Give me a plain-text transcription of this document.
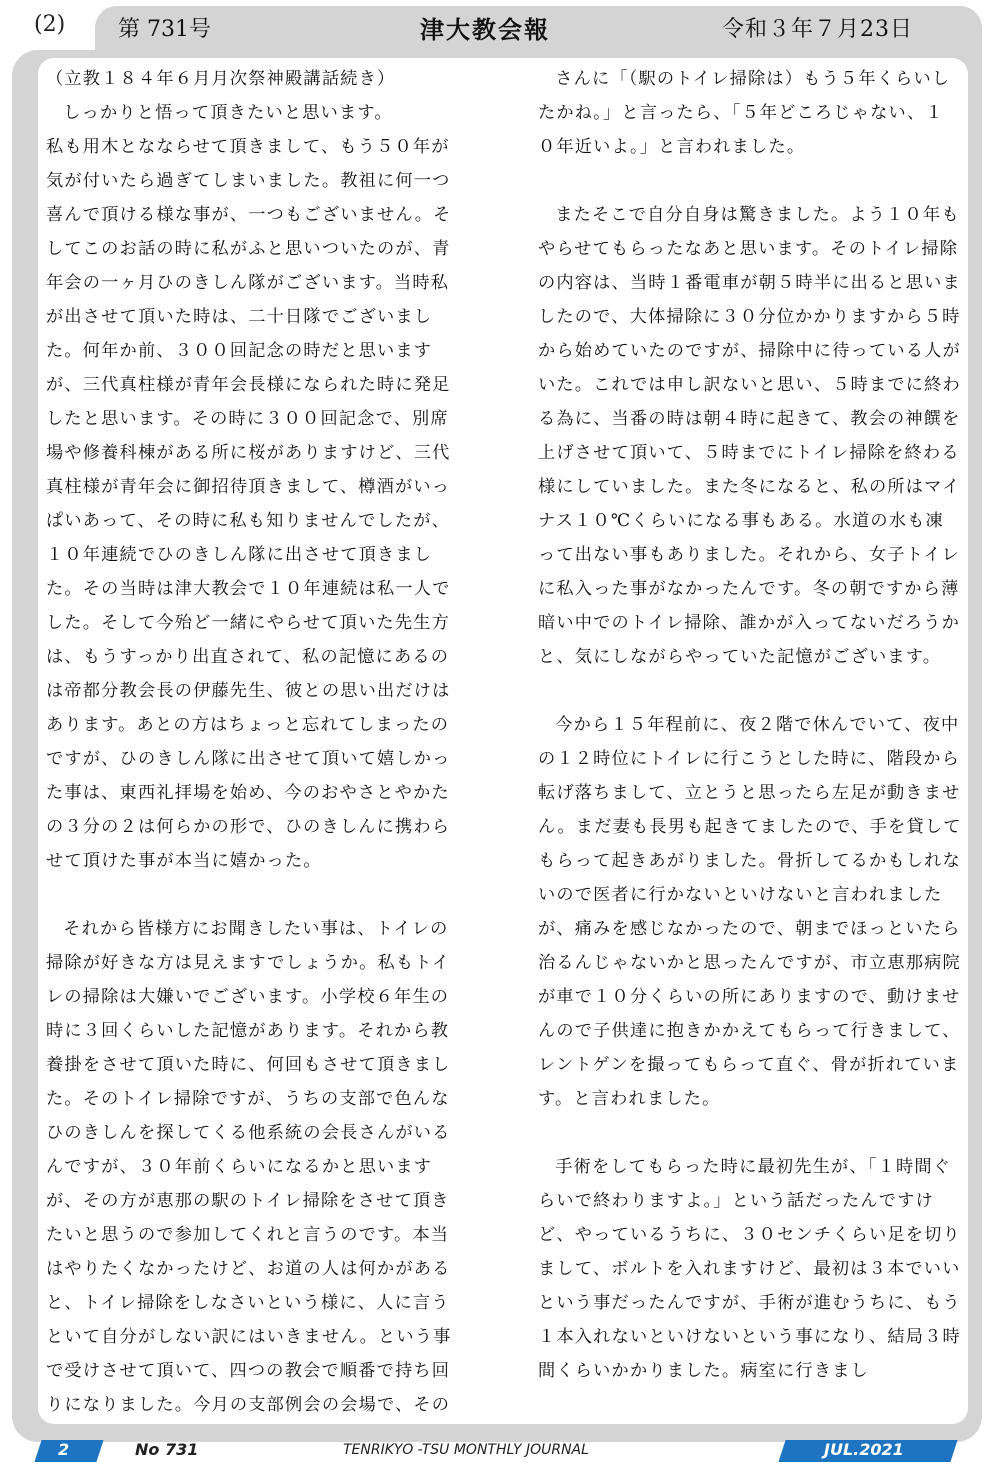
(2) 第 731号	津大教会報	令和３年７月23日

（立教１８４年６月月次祭神殿講話続き）

しっかりと悟って頂きたいと思います。

私も用木となならせて頂きまして、もう５０年が気が付いたら過ぎてしまいました。教祖に何一つ喜んで頂ける様な事が、一つもございません。そしてこのお話の時に私がふと思いついたのが、青年会の一ヶ月ひのきしん隊がございます。当時私が出させて頂いた時は、二十日隊でございました。何年か前、３００回記念の時だと思いますが、三代真柱様が青年会長様になられた時に発足したと思います。その時に３００回記念で、別席場や修養科棟がある所に桜がありますけど、三代真柱様が青年会に御招待頂きまして、樽酒がいっぱいあって、その時に私も知りませんでしたが、１０年連続でひのきしん隊に出させて頂きました。その当時は津大教会で１０年連続は私一人でした。そして今殆ど一緒にやらせて頂いた先生方は、もうすっかり出直されて、私の記憶にあるのは帝都分教会長の伊藤先生、彼との思い出だけはあります。あとの方はちょっと忘れてしまったのですが、ひのきしん隊に出させて頂いて嬉しかった事は、東西礼拝場を始め、今のおやさとやかたの３分の２は何らかの形で、ひのきしんに携わらせて頂けた事が本当に嬉かった。

それから皆様方にお聞きしたい事は、トイレの掃除が好きな方は見えますでしょうか。私もトイレの掃除は大嫌いでございます。小学校６年生の時に３回くらいした記憶があります。それから教養掛をさせて頂いた時に、何回もさせて頂きました。そのトイレ掃除ですが、うちの支部で色んなひのきしんを探してくる他系統の会長さんがいるんですが、３０年前くらいになるかと思いますが、その方が恵那の駅のトイレ掃除をさせて頂きたいと思うので参加してくれと言うのです。本当はやりたくなかったけど、お道の人は何かがあると、トイレ掃除をしなさいという様に、人に言うといて自分がしない訳にはいきません。という事で受けさせて頂いて、四つの教会で順番で持ち回りになりました。今月の支部例会の会場で、その

さんに「（駅のトイレ掃除は）もう５年くらいしたかね。」と言ったら、「５年どころじゃない、１０年近いよ。」と言われました。

またそこで自分自身は驚きました。よう１０年もやらせてもらったなあと思います。そのトイレ掃除の内容は、当時１番電車が朝５時半に出ると思いましたので、大体掃除に３０分位かかりますから５時から始めていたのですが、掃除中に待っている人がいた。これでは申し訳ないと思い、５時までに終わる為に、当番の時は朝４時に起きて、教会の神饌を上げさせて頂いて、５時までにトイレ掃除を終わる様にしていました。また冬になると、私の所はマイナス１０℃くらいになる事もある。水道の水も凍って出ない事もありました。それから、女子トイレに私入った事がなかったんです。冬の朝ですから薄暗い中でのトイレ掃除、誰かが入ってないだろうかと、気にしながらやっていた記憶がございます。

今から１５年程前に、夜２階で休んでいて、夜中の１２時位にトイレに行こうとした時に、階段から転げ落ちまして、立とうと思ったら左足が動きません。まだ妻も長男も起きてましたので、手を貸してもらって起きあがりました。骨折してるかもしれないので医者に行かないといけないと言われましたが、痛みを感じなかったので、朝までほっといたら治るんじゃないかと思ったんですが、市立恵那病院が車で１０分くらいの所にありますので、動けませんので子供達に抱きかかえてもらって行きまして、レントゲンを撮ってもらって直ぐ、骨が折れています。と言われました。

手術をしてもらった時に最初先生が、「１時間ぐらいで終わりますよ。」という話だったんですけど、やっているうちに、３０センチくらい足を切りまして、ボルトを入れますけど、最初は３本でいいという事だったんですが、手術が進むうちに、もう１本入れないといけないという事になり、結局３時間くらいかかりました。病室に行きまし

2	No 731	TENRIKYO -TSU MONTHLY JOURNAL	JUL.2021
